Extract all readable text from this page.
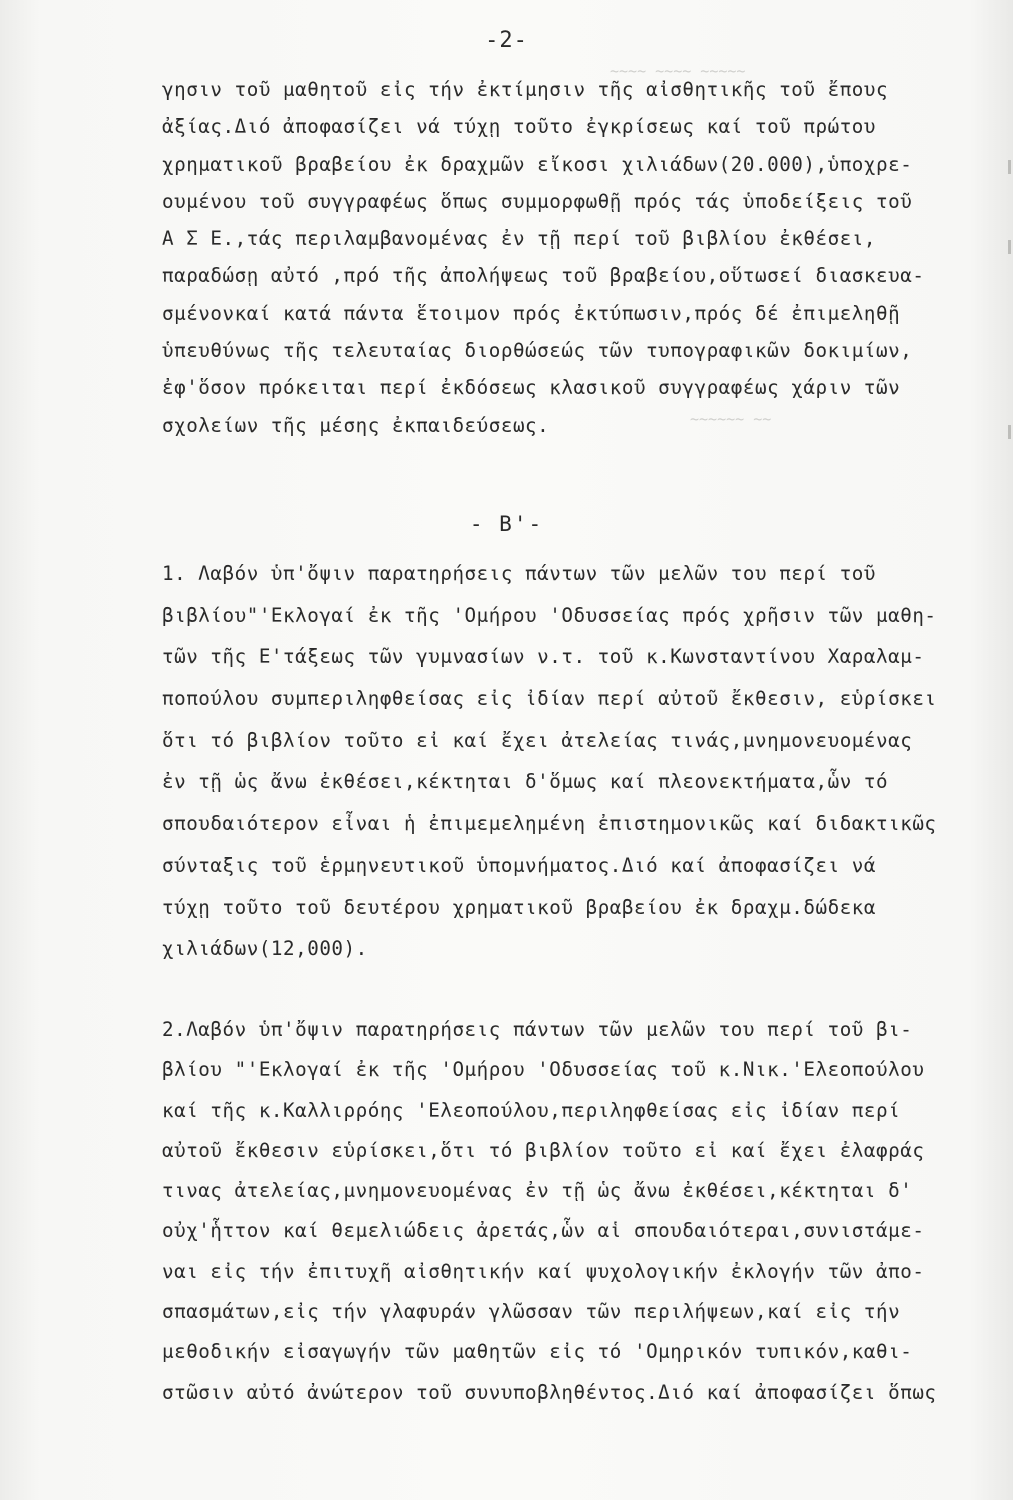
~~~~ ~~~~ ~~~~~
~~~~~~ ~~
-2-
γησιν τοῦ μαθητοῦ εἰς τήν ἐκτίμησιν τῆς αἰσθητικῆς τοῦ ἔπους
ἀξίας.Διό ἀποφασίζει νά τύχῃ τοῦτο ἐγκρίσεως καί τοῦ πρώτου
χρηματικοῦ βραβείου ἐκ δραχμῶν εἴκοσι χιλιάδων(20.000),ὑποχρε-
ουμένου τοῦ συγγραφέως ὅπως συμμορφωθῇ πρός τάς ὑποδείξεις τοῦ
Α Σ Ε.,τάς περιλαμβανομένας ἐν τῇ περί τοῦ βιβλίου ἐκθέσει,
παραδώσῃ αὐτό ,πρό τῆς ἀπολήψεως τοῦ βραβείου,οὕτωσεί διασκευα-
σμένονκαί κατά πάντα ἕτοιμον πρός ἐκτύπωσιν,πρός δέ ἐπιμεληθῇ
ὑπευθύνως τῆς τελευταίας διορθώσεώς τῶν τυπογραφικῶν δοκιμίων,
ἐφ'ὅσον πρόκειται περί ἐκδόσεως κλασικοῦ συγγραφέως χάριν τῶν
σχολείων τῆς μέσης ἐκπαιδεύσεως.
- B'-
1. Λαβόν ὑπ'ὄψιν παρατηρήσεις πάντων τῶν μελῶν του περί τοῦ
βιβλίου"'Εκλογαί ἐκ τῆς 'Ομήρου 'Οδυσσείας πρός χρῆσιν τῶν μαθη-
τῶν τῆς Ε'τάξεως τῶν γυμνασίων ν.τ. τοῦ κ.Κωνσταντίνου Χαραλαμ-
ποπούλου συμπεριληφθείσας εἰς ἰδίαν περί αὐτοῦ ἔκθεσιν, εὑρίσκει
ὅτι τό βιβλίον τοῦτο εἰ καί ἔχει ἀτελείας τινάς,μνημονευομένας
ἐν τῇ ὡς ἄνω ἐκθέσει,κέκτηται δ'ὅμως καί πλεονεκτήματα,ὧν τό
σπουδαιότερον εἶναι ἡ ἐπιμεμελημένη ἐπιστημονικῶς καί διδακτικῶς
σύνταξις τοῦ ἑρμηνευτικοῦ ὑπομνήματος.Διό καί ἀποφασίζει νά
τύχῃ τοῦτο τοῦ δευτέρου χρηματικοῦ βραβείου ἐκ δραχμ.δώδεκα
χιλιάδων(12,000).
2.Λαβόν ὑπ'ὄψιν παρατηρήσεις πάντων τῶν μελῶν του περί τοῦ βι-
βλίου "'Εκλογαί ἐκ τῆς 'Ομήρου 'Οδυσσείας τοῦ κ.Νικ.'Ελεοπούλου
καί τῆς κ.Καλλιρρόης 'Ελεοπούλου,περιληφθείσας εἰς ἰδίαν περί
αὐτοῦ ἔκθεσιν εὑρίσκει,ὅτι τό βιβλίον τοῦτο εἰ καί ἔχει ἐλαφράς
τινας ἀτελείας,μνημονευομένας ἐν τῇ ὡς ἄνω ἐκθέσει,κέκτηται δ'
οὐχ'ἧττον καί θεμελιώδεις ἀρετάς,ὧν αἱ σπουδαιότεραι,συνιστάμε-
ναι εἰς τήν ἐπιτυχῆ αἰσθητικήν καί ψυχολογικήν ἐκλογήν τῶν ἀπο-
σπασμάτων,εἰς τήν γλαφυράν γλῶσσαν τῶν περιλήψεων,καί εἰς τήν
μεθοδικήν εἰσαγωγήν τῶν μαθητῶν εἰς τό 'Ομηρικόν τυπικόν,καθι-
στῶσιν αὐτό ἀνώτερον τοῦ συνυποβληθέντος.Διό καί ἀποφασίζει ὅπως
